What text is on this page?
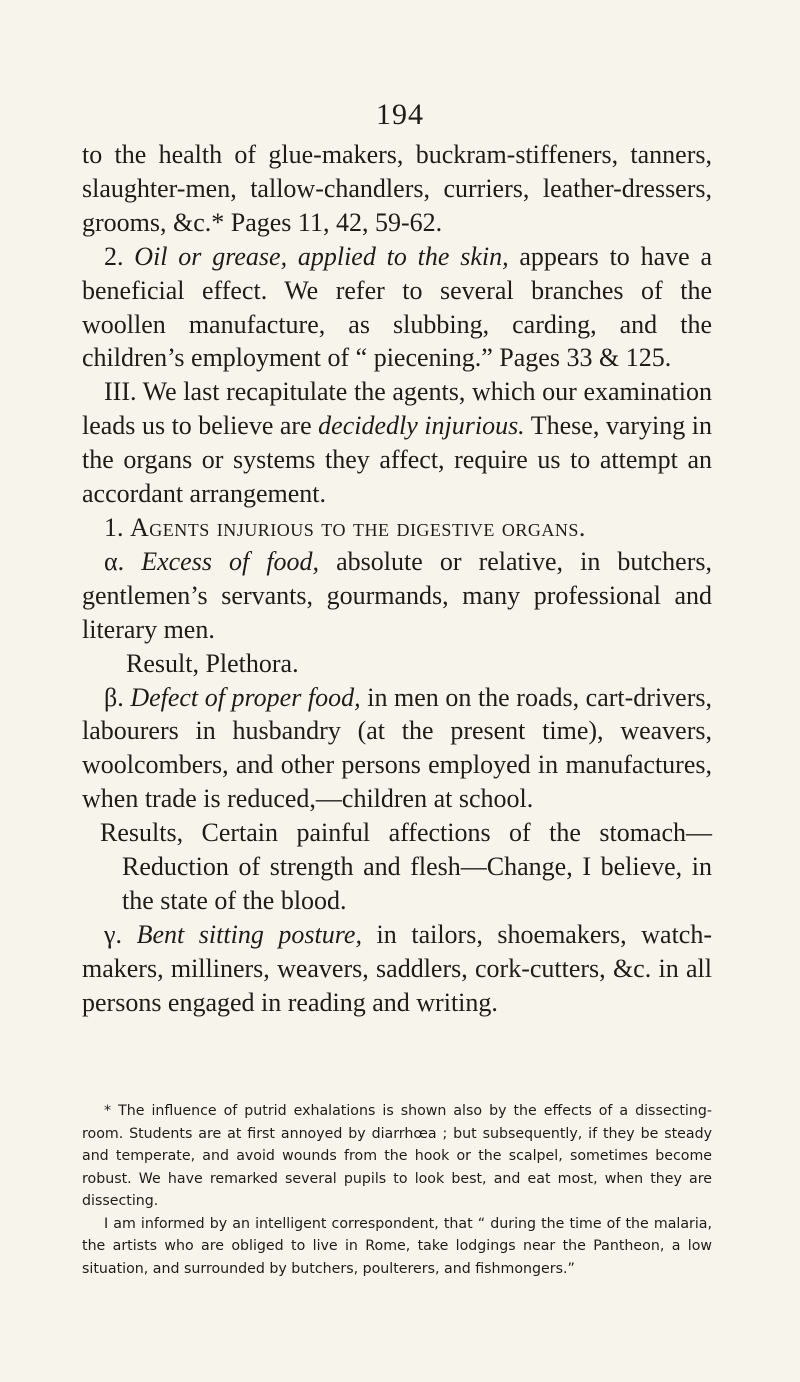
194

to the health of glue-makers, buckram-stiffeners, tanners, slaughter-men, tallow-chandlers, curriers, leather-dressers, grooms, &c.* Pages 11, 42, 59-62.

2. Oil or grease, applied to the skin, appears to have a beneficial effect. We refer to several branches of the woollen manufacture, as slubbing, carding, and the children’s employment of “ piecening.” Pages 33 & 125.

III. We last recapitulate the agents, which our examination leads us to believe are decidedly injurious. These, varying in the organs or systems they affect, require us to attempt an accordant arrangement.

1. Agents injurious to the digestive organs.

α. Excess of food, absolute or relative, in butchers, gentlemen’s servants, gourmands, many professional and literary men.

Result, Plethora.

β. Defect of proper food, in men on the roads, cart-drivers, labourers in husbandry (at the present time), weavers, woolcombers, and other persons employed in manufactures, when trade is reduced,—children at school.

Results, Certain painful affections of the stomach—Reduction of strength and flesh—Change, I believe, in the state of the blood.

γ. Bent sitting posture, in tailors, shoemakers, watch-makers, milliners, weavers, saddlers, cork-cutters, &c. in all persons engaged in reading and writing.

* The influence of putrid exhalations is shown also by the effects of a dissecting-room. Students are at first annoyed by diarrhœa ; but subsequently, if they be steady and temperate, and avoid wounds from the hook or the scalpel, sometimes become robust. We have remarked several pupils to look best, and eat most, when they are dissecting.

I am informed by an intelligent correspondent, that “ during the time of the malaria, the artists who are obliged to live in Rome, take lodgings near the Pantheon, a low situation, and surrounded by butchers, poulterers, and fishmongers.”
